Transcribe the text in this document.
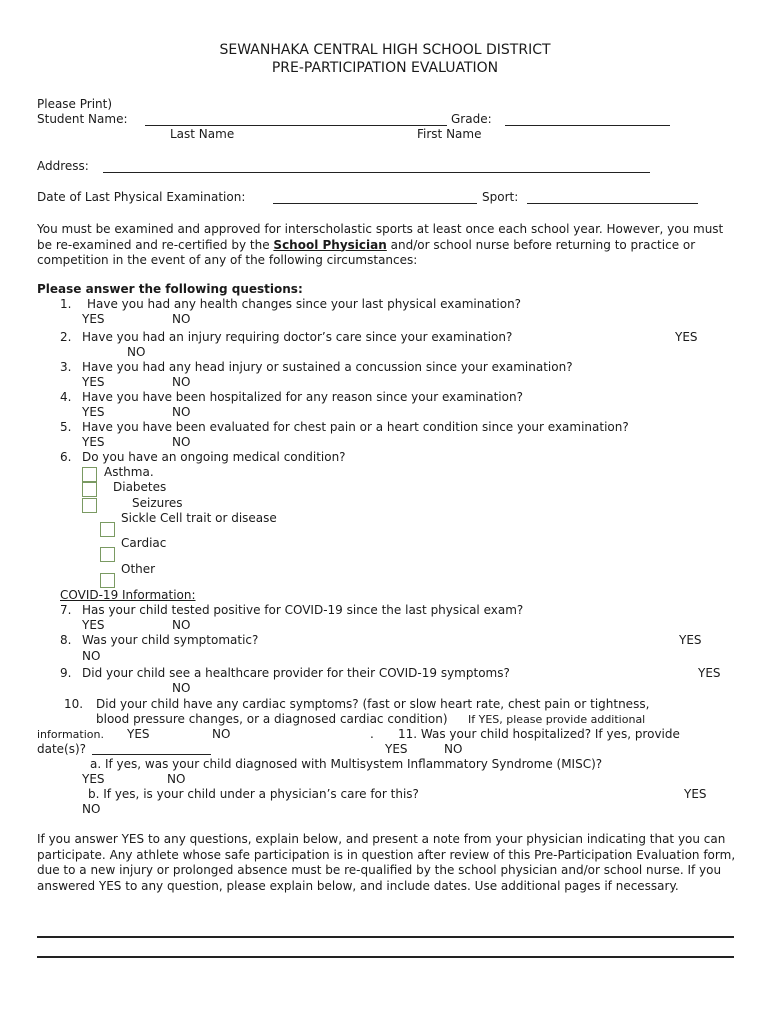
SEWANHAKA CENTRAL HIGH SCHOOL DISTRICT
PRE-PARTICIPATION EVALUATION
Please Print)
Student Name:	Grade:
Last Name	First Name
Address:
Date of Last Physical Examination:	Sport:
You must be examined and approved for interscholastic sports at least once each school year. However, you must be re-examined and re-certified by the School Physician and/or school nurse before returning to practice or competition in the event of any of the following circumstances:
Please answer the following questions:
1. Have you had any health changes since your last physical examination?
YES	NO
2. Have you had an injury requiring doctor’s care since your examination?	YES
NO
3. Have you had any head injury or sustained a concussion since your examination?
YES	NO
4. Have you have been hospitalized for any reason since your examination?
YES	NO
5. Have you have been evaluated for chest pain or a heart condition since your examination?
YES	NO
6. Do you have an ongoing medical condition?
Asthma.
Diabetes
Seizures
Sickle Cell trait or disease
Cardiac
Other
COVID-19 Information:
7. Has your child tested positive for COVID-19 since the last physical exam?
YES	NO
8. Was your child symptomatic?	YES
NO
9. Did your child see a healthcare provider for their COVID-19 symptoms?	YES
NO
10. Did your child have any cardiac symptoms? (fast or slow heart rate, chest pain or tightness,
blood pressure changes, or a diagnosed cardiac condition) If YES, please provide additional
information. YES	NO	. 11. Was your child hospitalized? If yes, provide
date(s)?	YES	NO
a. If yes, was your child diagnosed with Multisystem Inflammatory Syndrome (MISC)?
YES	NO
b. If yes, is your child under a physician’s care for this?	YES
NO
If you answer YES to any questions, explain below, and present a note from your physician indicating that you can participate. Any athlete whose safe participation is in question after review of this Pre-Participation Evaluation form, due to a new injury or prolonged absence must be re-qualified by the school physician and/or school nurse. If you answered YES to any question, please explain below, and include dates. Use additional pages if necessary.
